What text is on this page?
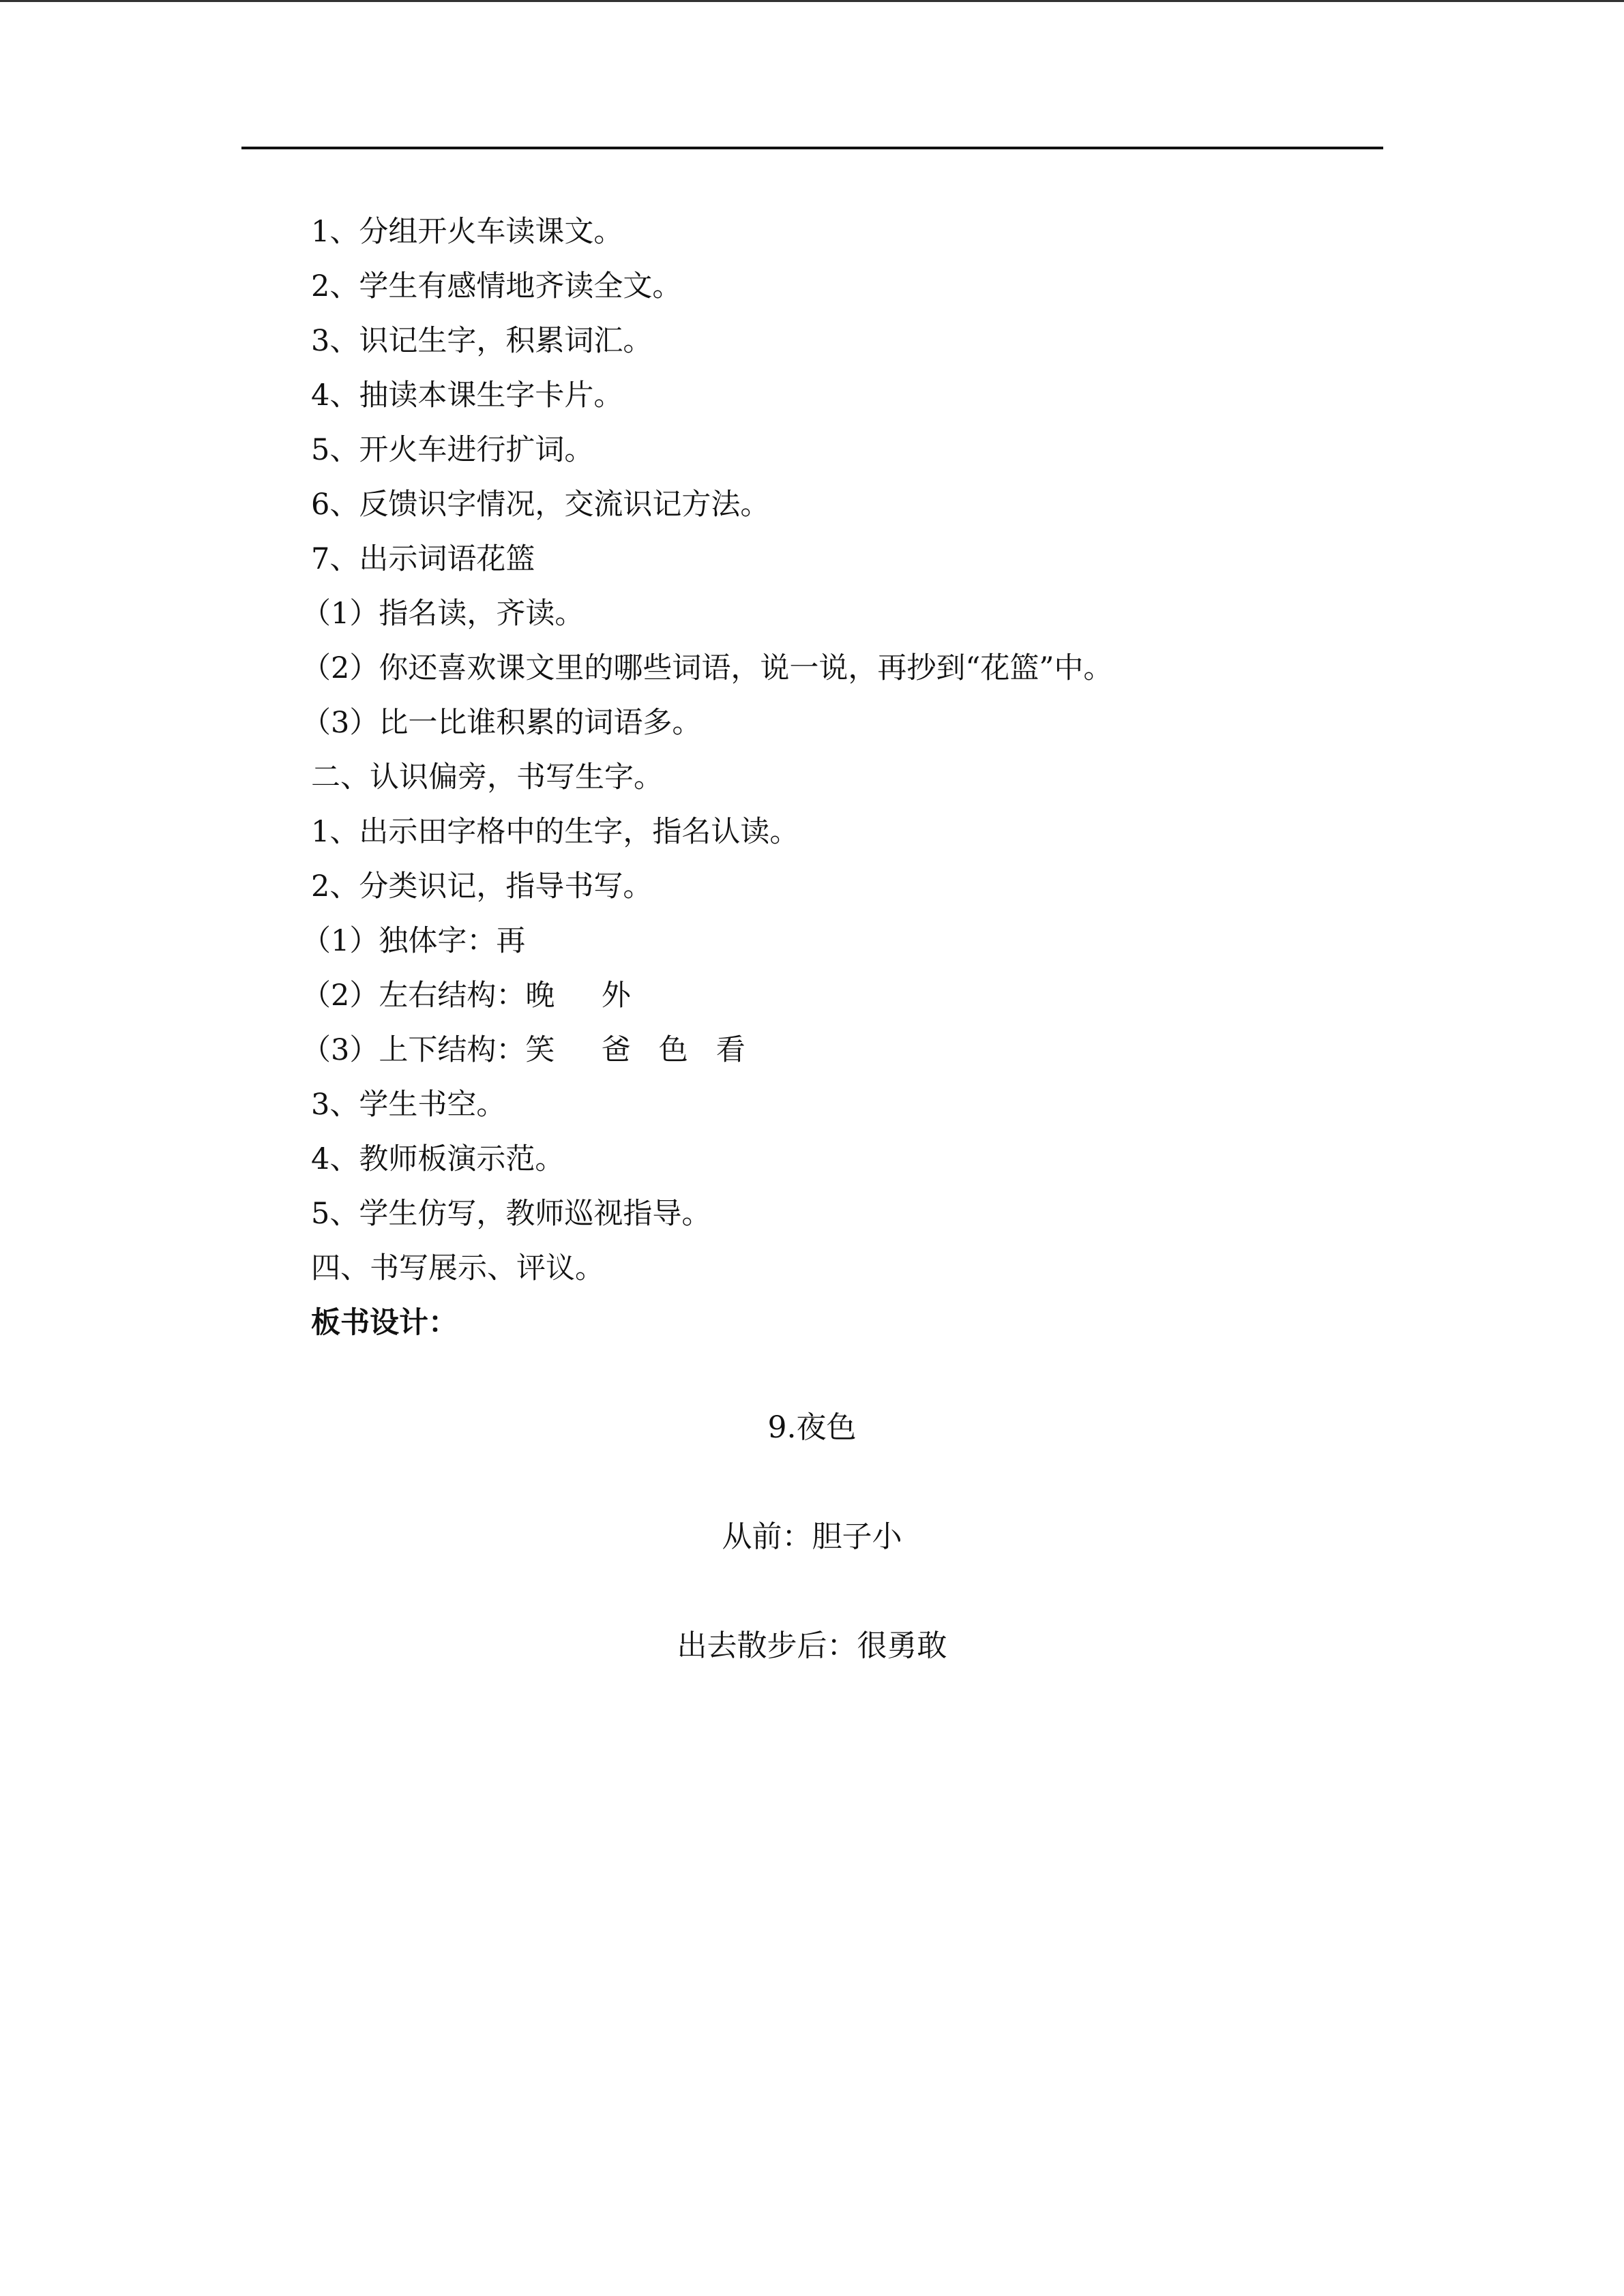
1、分组开火车读课文。
2、学生有感情地齐读全文。
3、识记生字，积累词汇。
4、抽读本课生字卡片。
5、开火车进行扩词。
6、反馈识字情况，交流识记方法。
7、出示词语花篮
（1）指名读，齐读。
（2）你还喜欢课文里的哪些词语，说一说，再抄到“花篮”中。
（3）比一比谁积累的词语多。
二、认识偏旁，书写生字。
1、出示田字格中的生字，指名认读。
2、分类识记，指导书写。
（1）独体字：再
（2）左右结构：晚     外
（3）上下结构：笑     爸   色   看
3、学生书空。
4、教师板演示范。
5、学生仿写，教师巡视指导。
四、书写展示、评议。
板书设计：
9.夜色
从前：胆子小
出去散步后：很勇敢
